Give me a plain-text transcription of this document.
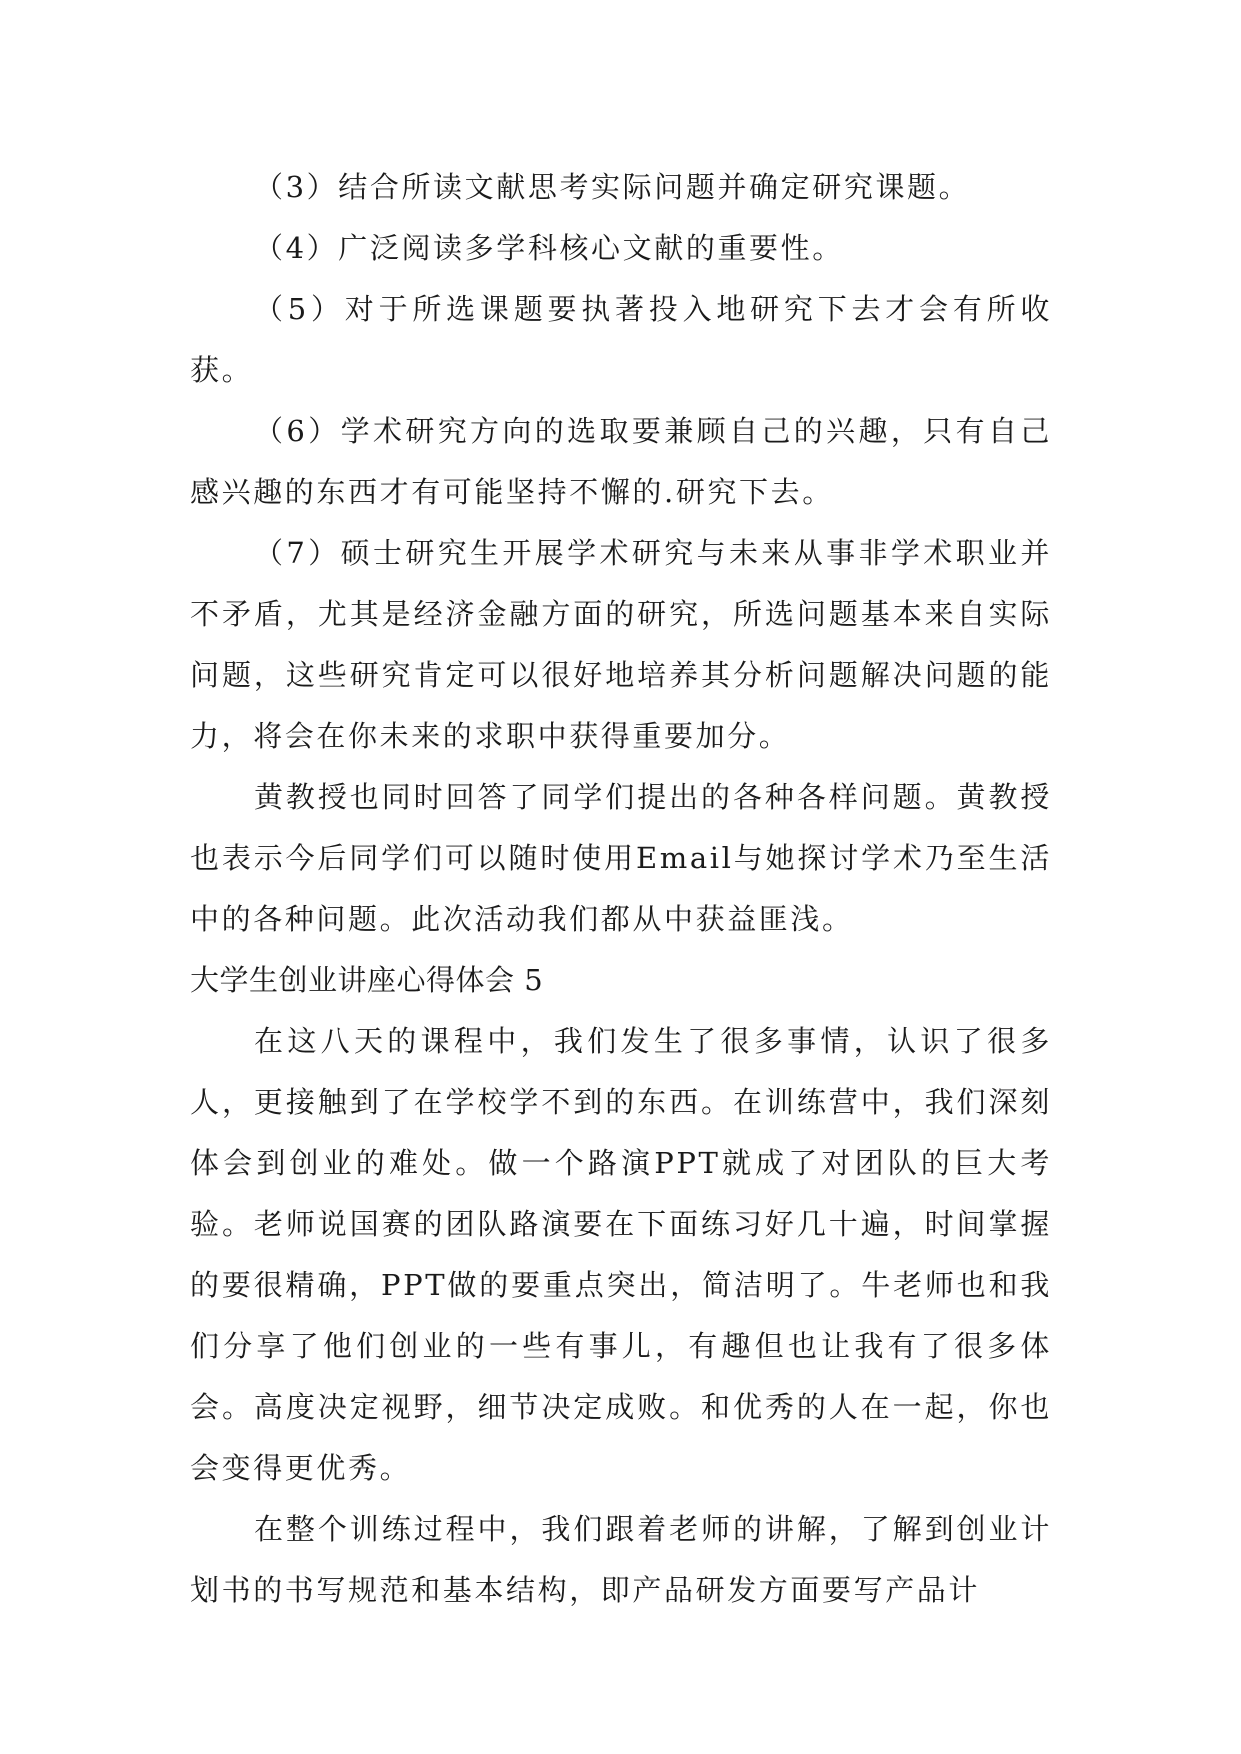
（3）结合所读文献思考实际问题并确定研究课题。

（4）广泛阅读多学科核心文献的重要性。

（5）对于所选课题要执著投入地研究下去才会有所收获。

（6）学术研究方向的选取要兼顾自己的兴趣，只有自己感兴趣的东西才有可能坚持不懈的.研究下去。

（7）硕士研究生开展学术研究与未来从事非学术职业并不矛盾，尤其是经济金融方面的研究，所选问题基本来自实际问题，这些研究肯定可以很好地培养其分析问题解决问题的能力，将会在你未来的求职中获得重要加分。

黄教授也同时回答了同学们提出的各种各样问题。黄教授也表示今后同学们可以随时使用Email与她探讨学术乃至生活中的各种问题。此次活动我们都从中获益匪浅。

大学生创业讲座心得体会 5

在这八天的课程中，我们发生了很多事情，认识了很多人，更接触到了在学校学不到的东西。在训练营中，我们深刻体会到创业的难处。做一个路演PPT就成了对团队的巨大考验。老师说国赛的团队路演要在下面练习好几十遍，时间掌握的要很精确，PPT做的要重点突出，简洁明了。牛老师也和我们分享了他们创业的一些有事儿，有趣但也让我有了很多体会。高度决定视野，细节决定成败。和优秀的人在一起，你也会变得更优秀。

在整个训练过程中，我们跟着老师的讲解，了解到创业计划书的书写规范和基本结构，即产品研发方面要写产品计
